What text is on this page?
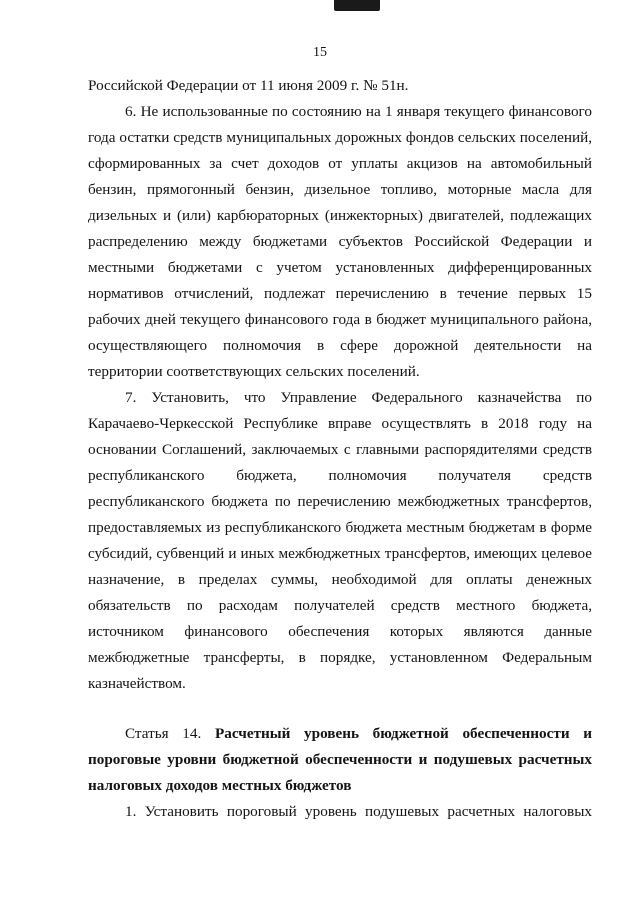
15
Российской Федерации от 11 июня 2009 г. № 51н.
6. Не использованные по состоянию на 1 января текущего финансового
года остатки средств муниципальных дорожных фондов сельских поселений,
сформированных за счет доходов от уплаты акцизов на автомобильный
бензин, прямогонный бензин, дизельное топливо, моторные масла для
дизельных и (или) карбюраторных (инжекторных) двигателей, подлежащих
распределению между бюджетами субъектов Российской Федерации и
местными бюджетами с учетом установленных дифференцированных
нормативов отчислений, подлежат перечислению в течение первых 15
рабочих дней текущего финансового года в бюджет муниципального района,
осуществляющего полномочия в сфере дорожной деятельности на
территории соответствующих сельских поселений.
7. Установить, что Управление Федерального казначейства по
Карачаево-Черкесской Республике вправе осуществлять в 2018 году на
основании Соглашений, заключаемых с главными распорядителями средств
республиканского бюджета, полномочия получателя средств
республиканского бюджета по перечислению межбюджетных трансфертов,
предоставляемых из республиканского бюджета местным бюджетам в форме
субсидий, субвенций и иных межбюджетных трансфертов, имеющих целевое
назначение, в пределах суммы, необходимой для оплаты денежных
обязательств по расходам получателей средств местного бюджета,
источником финансового обеспечения которых являются данные
межбюджетные трансферты, в порядке, установленном Федеральным
казначейством.
Статья 14. Расчетный уровень бюджетной обеспеченности и
пороговые уровни бюджетной обеспеченности и подушевых расчетных
налоговых доходов местных бюджетов
1. Установить пороговый уровень подушевых расчетных налоговых
